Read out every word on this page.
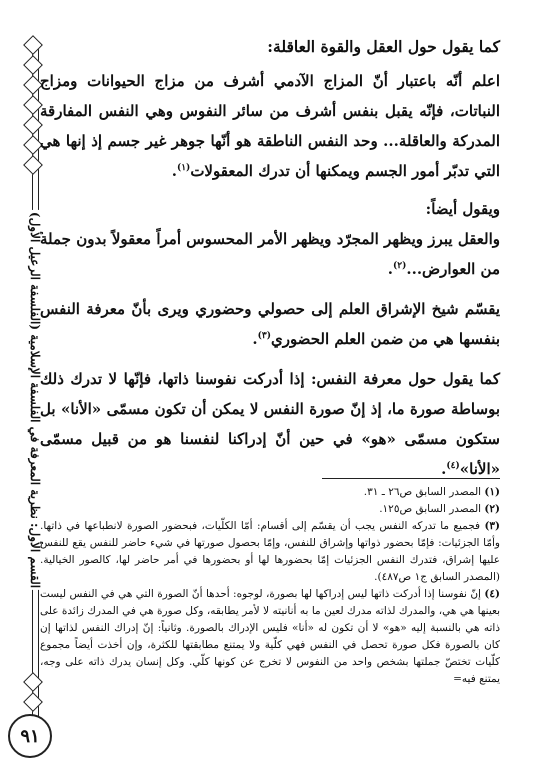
القسم الأول: نظرية المعرفة في الفلسفة الإسلامية (الفلسفة الرعيل الأول)
٩١

كما يقول حول العقل والقوة العاقلة:

اعلم أنّه باعتبار أنّ المزاج الآدمي أشرف من مزاج الحيوانات ومزاج النباتات، فإنّه يقبل بنفس أشرف من سائر النفوس وهي النفس المفارقة المدركة والعاقلة... وحد النفس الناطقة هو أنّها جوهر غير جسم إذ إنها هي التي تدبّر أمور الجسم ويمكنها أن تدرك المعقولات$^{(١)}$.

ويقول أيضاً:

والعقل يبرز ويظهر المجرّد ويظهر الأمر المحسوس أمراً معقولاً بدون جملة من العوارض...$^{(٢)}$.

يقسّم شيخ الإشراق العلم إلى حصولي وحضوري ويرى بأنّ معرفة النفس بنفسها هي من ضمن العلم الحضوري$^{(٣)}$.

كما يقول حول معرفة النفس: إذا أدركت نفوسنا ذاتها، فإنّها لا تدرك ذلك بوساطة صورة ما، إذ إنّ صورة النفس لا يمكن أن تكون مسمّى «الأنا» بل ستكون مسمّى «هو» في حين أنّ إدراكنا لنفسنا هو من قبيل مسمّى «الأنا»$^{(٤)}$.

(١) المصدر السابق ص٢٦ ـ ٣١.

(٢) المصدر السابق ص١٢٥.

(٣) فجميع ما تدركه النفس يجب أن يقسّم إلى أقسام: أمّا الكلّيات، فبحضور الصورة لانطباعها في ذاتها. وأمّا الجزئيات: فإمّا بحضور ذواتها وإشراق للنفس، وإمّا بحصول صورتها في شيء حاضر للنفس يقع للنفس عليها إشراق، فتدرك النفس الجزئيات إمّا بحضورها لها أو بحضورها في أمر حاضر لها، كالصور الخيالية. (المصدر السابق ج١ ص٤٨٧).

(٤) إنّ نفوسنا إذا أدركت ذاتها ليس إدراكها لها بصورة، لوجوه: أحدها أنّ الصورة التي هي في النفس ليست بعينها هي هي، والمدرك لذاته مدرك لعين ما به أنانيته لا لأمر يطابقه، وكل صورة هي في المدرك زائدة على ذاته هي بالنسبة إليه «هو» لا أن تكون له «أنا» فليس الإدراك بالصورة. وثانياً: إنّ إدراك النفس لذاتها إن كان بالصورة فكل صورة تحصل في النفس فهي كلّية ولا يمتنع مطابقتها للكثرة، وإن أخذت أيضاً مجموع كلّيات تختصّ جملتها بشخص واحد من النفوس لا تخرج عن كونها كلّي. وكل إنسان يدرك ذاته على وجه، يمتنع فيه=
